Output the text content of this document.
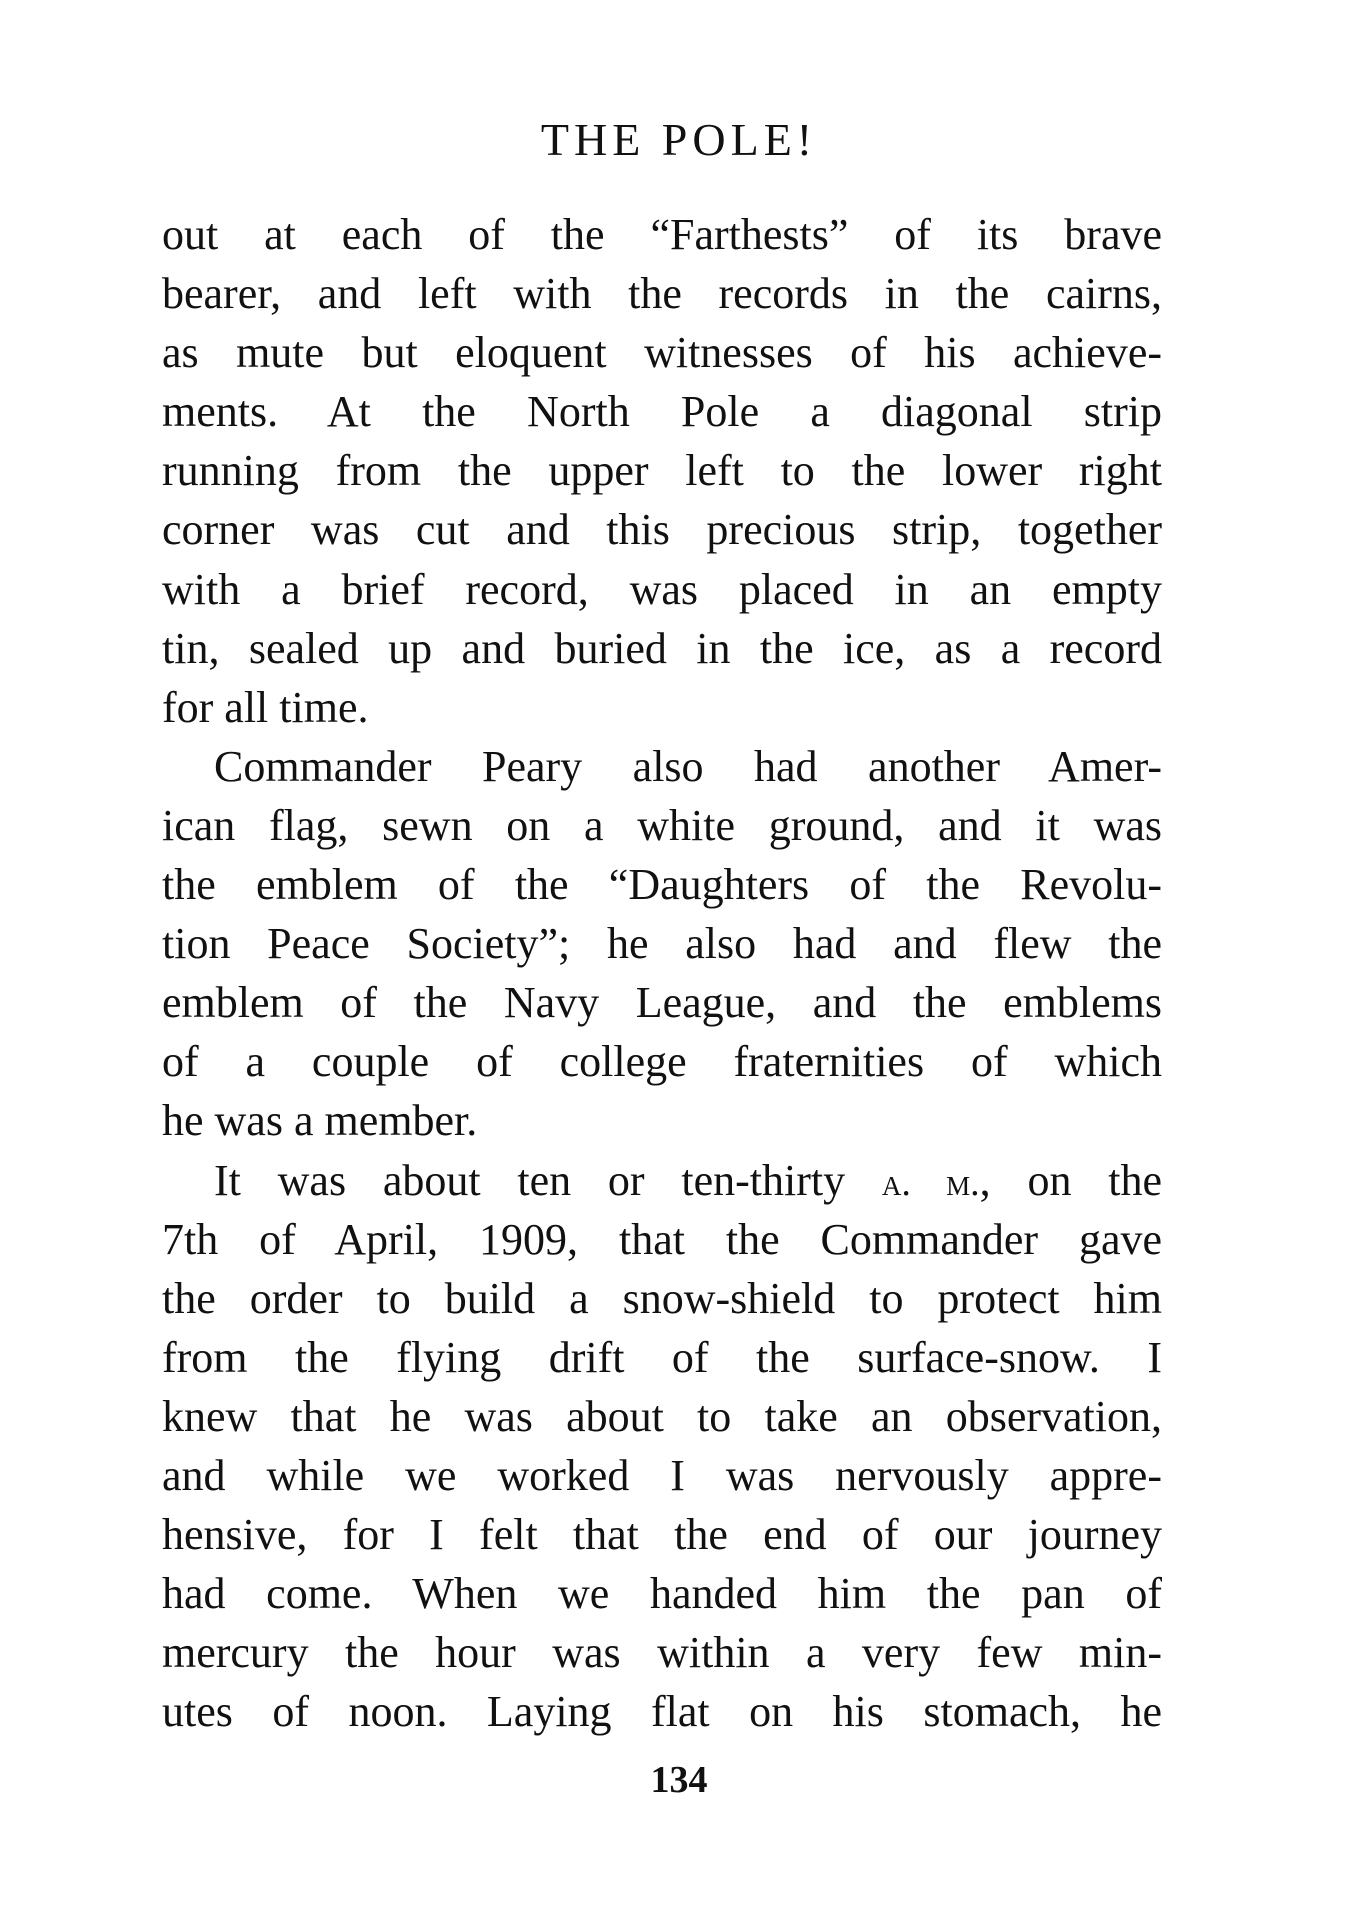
THE POLE!
out at each of the “Farthests” of its brave
bearer, and left with the records in the cairns,
as mute but eloquent witnesses of his achieve-
ments. At the North Pole a diagonal strip
running from the upper left to the lower right
corner was cut and this precious strip, together
with a brief record, was placed in an empty
tin, sealed up and buried in the ice, as a record
for all time.
Commander Peary also had another Amer-
ican flag, sewn on a white ground, and it was
the emblem of the “Daughters of the Revolu-
tion Peace Society”; he also had and flew the
emblem of the Navy League, and the emblems
of a couple of college fraternities of which
he was a member.
It was about ten or ten-thirty a. m., on the
7th of April, 1909, that the Commander gave
the order to build a snow-shield to protect him
from the flying drift of the surface-snow. I
knew that he was about to take an observation,
and while we worked I was nervously appre-
hensive, for I felt that the end of our journey
had come. When we handed him the pan of
mercury the hour was within a very few min-
utes of noon. Laying flat on his stomach, he
134
